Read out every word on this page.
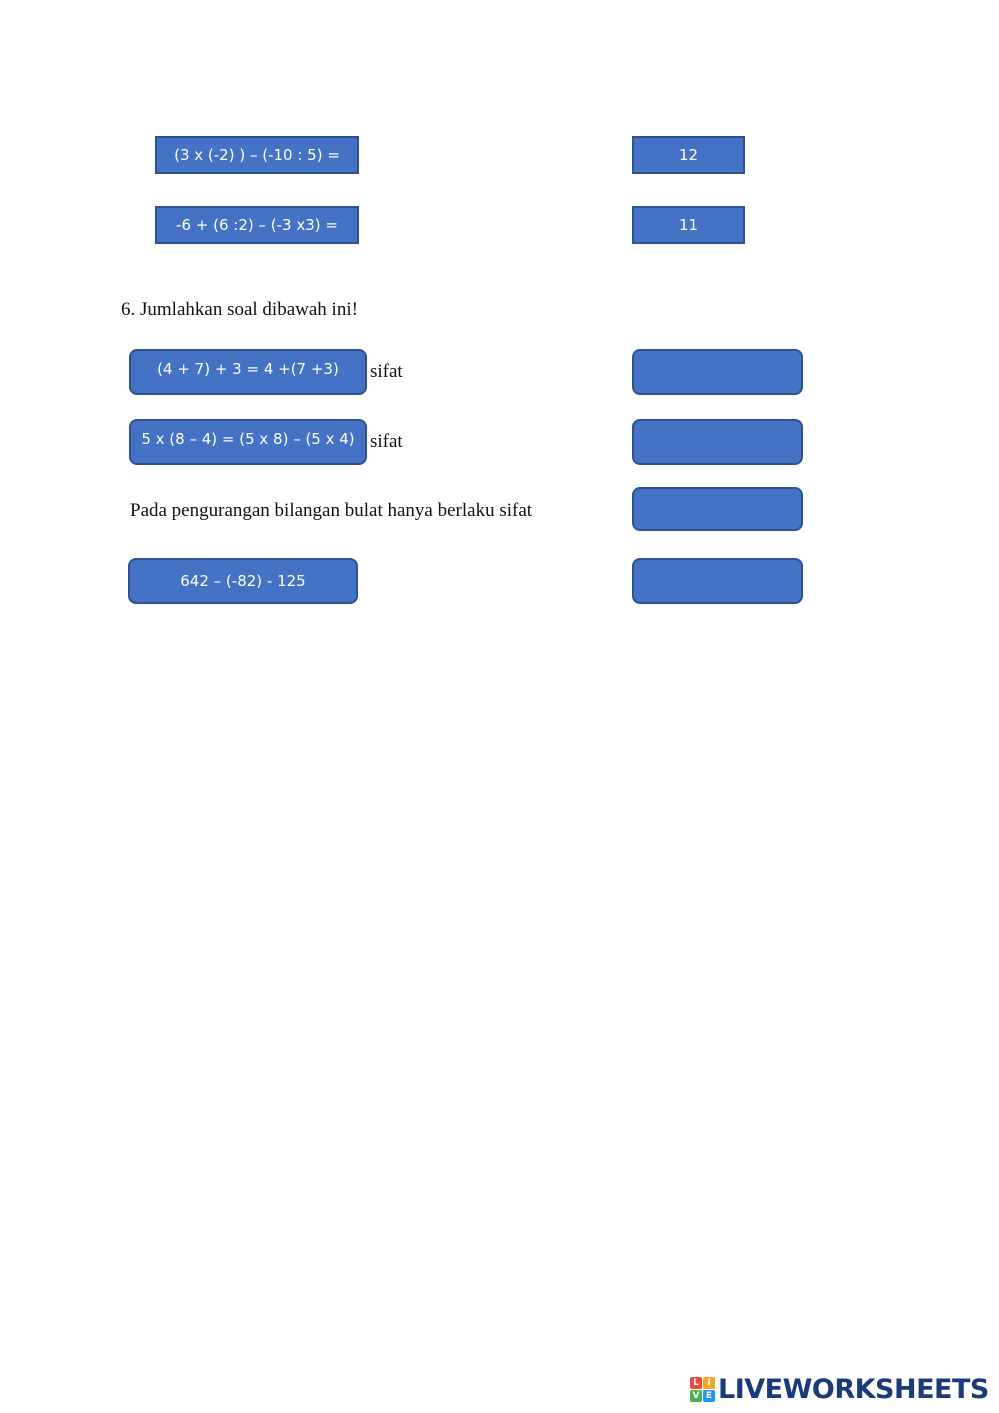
(3 x (-2) ) – (-10 : 5) =	12
-6 + (6 :2) – (-3 x3) =	11
6. Jumlahkan soal dibawah ini!
(4 + 7) + 3 = 4 +(7 +3)	sifat
5 x (8 – 4) = (5 x 8) – (5 x 4) sifat
Pada pengurangan bilangan bulat hanya berlaku sifat
642 – (-82) - 125
L I
V E LIVEWORKSHEETS
